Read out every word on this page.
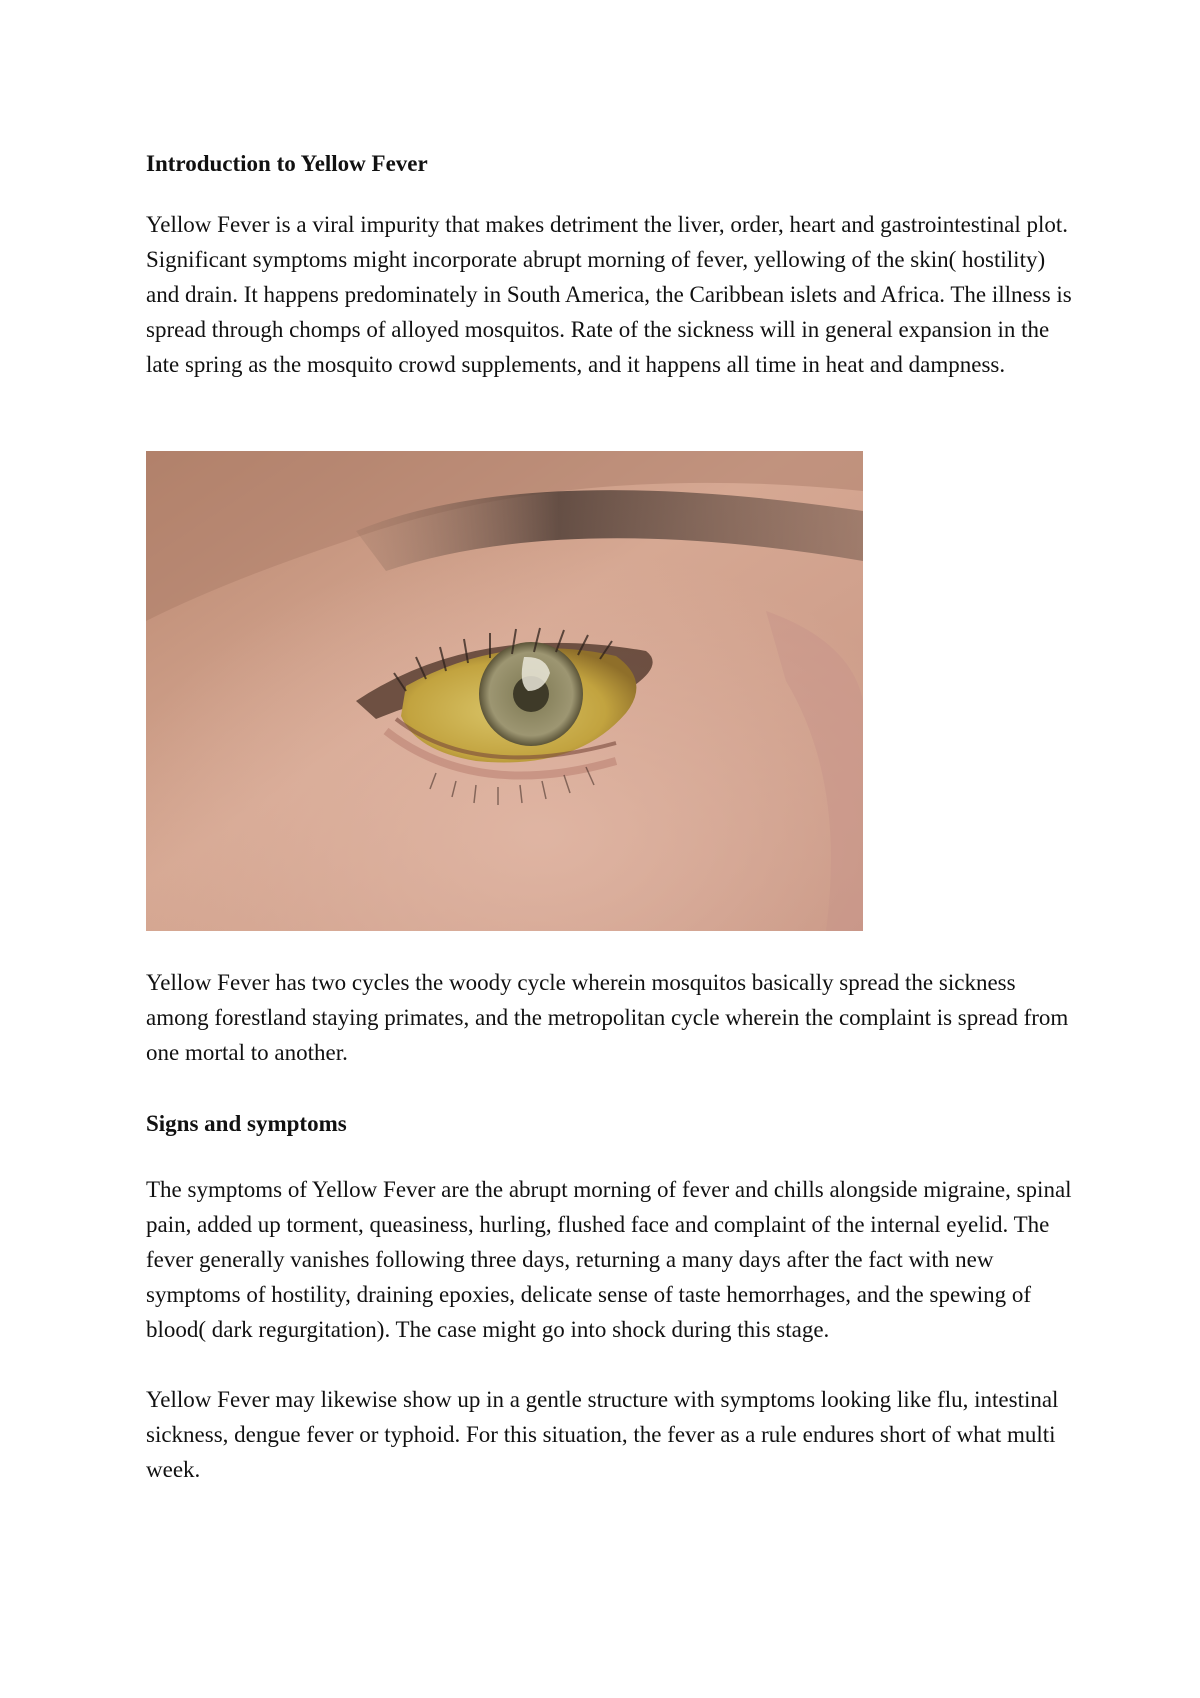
Introduction to Yellow Fever

Yellow Fever is a viral impurity that makes detriment the liver, order, heart and gastrointestinal plot. Significant symptoms might incorporate abrupt morning of fever, yellowing of the skin( hostility) and drain. It happens predominately in South America, the Caribbean islets and Africa. The illness is spread through chomps of alloyed mosquitos. Rate of the sickness will in general expansion in the late spring as the mosquito crowd supplements, and it happens all time in heat and dampness.

Yellow Fever has two cycles the woody cycle wherein mosquitos basically spread the sickness among forestland staying primates, and the metropolitan cycle wherein the complaint is spread from one mortal to another.

Signs and symptoms

The symptoms of Yellow Fever are the abrupt morning of fever and chills alongside migraine, spinal pain, added up torment, queasiness, hurling, flushed face and complaint of the internal eyelid. The fever generally vanishes following three days, returning a many days after the fact with new symptoms of hostility, draining epoxies, delicate sense of taste hemorrhages, and the spewing of blood( dark regurgitation). The case might go into shock during this stage.

Yellow Fever may likewise show up in a gentle structure with symptoms looking like flu, intestinal sickness, dengue fever or typhoid. For this situation, the fever as a rule endures short of what multi week.
